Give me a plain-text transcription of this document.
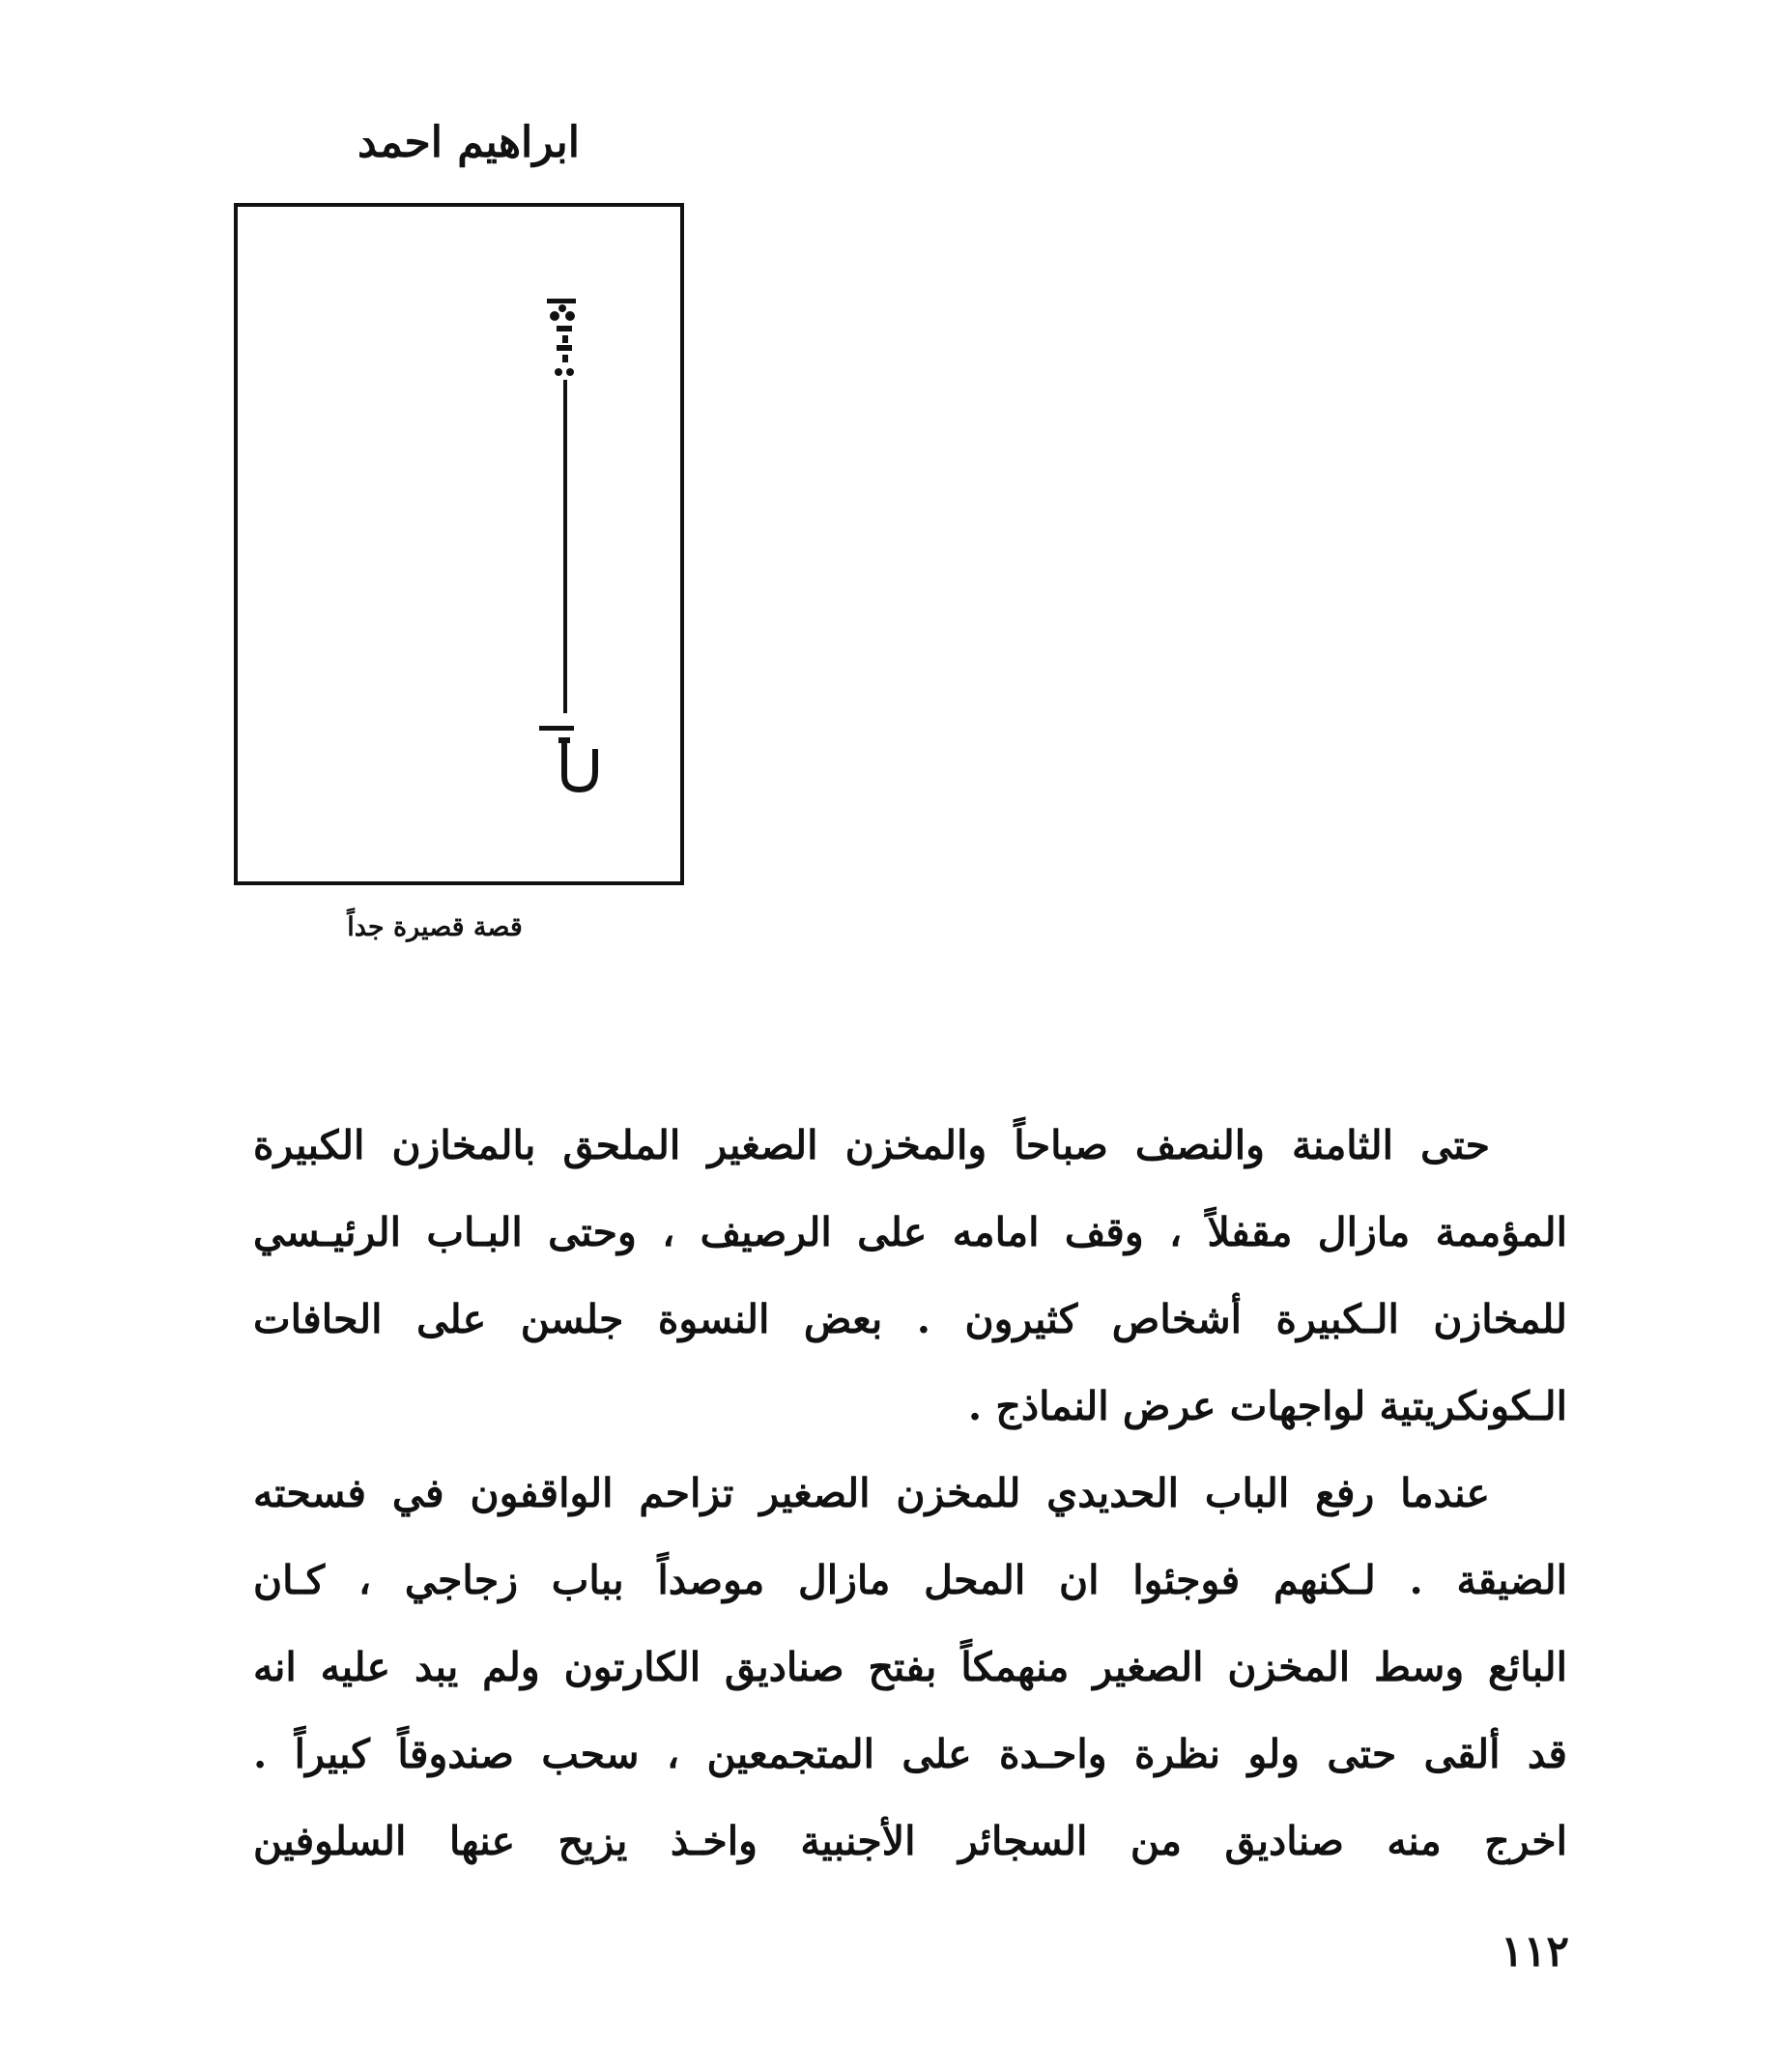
ابراهيم احمد
قصة قصيرة جداً
حتى الثامنة والنصف صباحاً والمخزن الصغير الملحق بالمخازن الكبيرة
المؤممة مازال مقفلاً ، وقف امامه على الرصيف ، وحتى البـاب الرئيـسي
للمخازن الـكبيرة أشخاص كثيرون . بعض النسوة جلسن على الحافات
الـكونكريتية لواجهات عرض النماذج .
عندما رفع الباب الحديدي للمخزن الصغير تزاحم الواقفون في فسحته
الضيقة . لـكنهم فوجئوا ان المحل مازال موصداً بباب زجاجي ، كـان
البائع وسط المخزن الصغير منهمكاً بفتح صناديق الكارتون ولم يبد عليه انه
قد ألقى حتى ولو نظرة واحـدة على المتجمعين ، سحب صندوقاً كبيراً .
اخرج منه صناديق من السجائر الأجنبية واخـذ يزيح عنها السلوفين
١١٢
